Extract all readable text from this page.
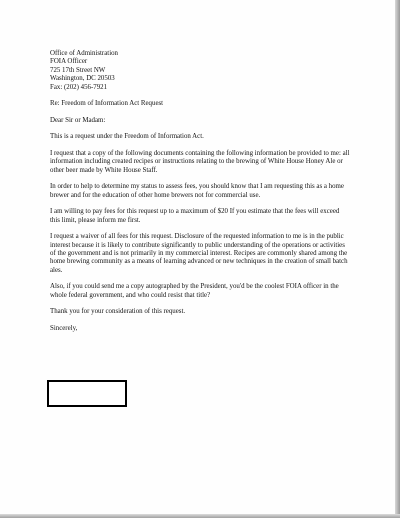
Office of Administration
FOIA Officer
725 17th Street NW
Washington, DC 20503
Fax: (202) 456-7921

Re: Freedom of Information Act Request

Dear Sir or Madam:

This is a request under the Freedom of Information Act.

I request that a copy of the following documents containing the following information be provided to me: all information including created recipes or instructions relating to the brewing of White House Honey Ale or other beer made by White House Staff.

In order to help to determine my status to assess fees, you should know that I am requesting this as a home brewer and for the education of other home brewers not for commercial use.

I am willing to pay fees for this request up to a maximum of $20 If you estimate that the fees will exceed this limit, please inform me first.

I request a waiver of all fees for this request. Disclosure of the requested information to me is in the public interest because it is likely to contribute significantly to public understanding of the operations or activities of the government and is not primarily in my commercial interest. Recipes are commonly shared among the home brewing community as a means of learning advanced or new techniques in the creation of small batch ales.

Also, if you could send me a copy autographed by the President, you'd be the coolest FOIA officer in the whole federal government, and who could resist that title?

Thank you for your consideration of this request.

Sincerely,
